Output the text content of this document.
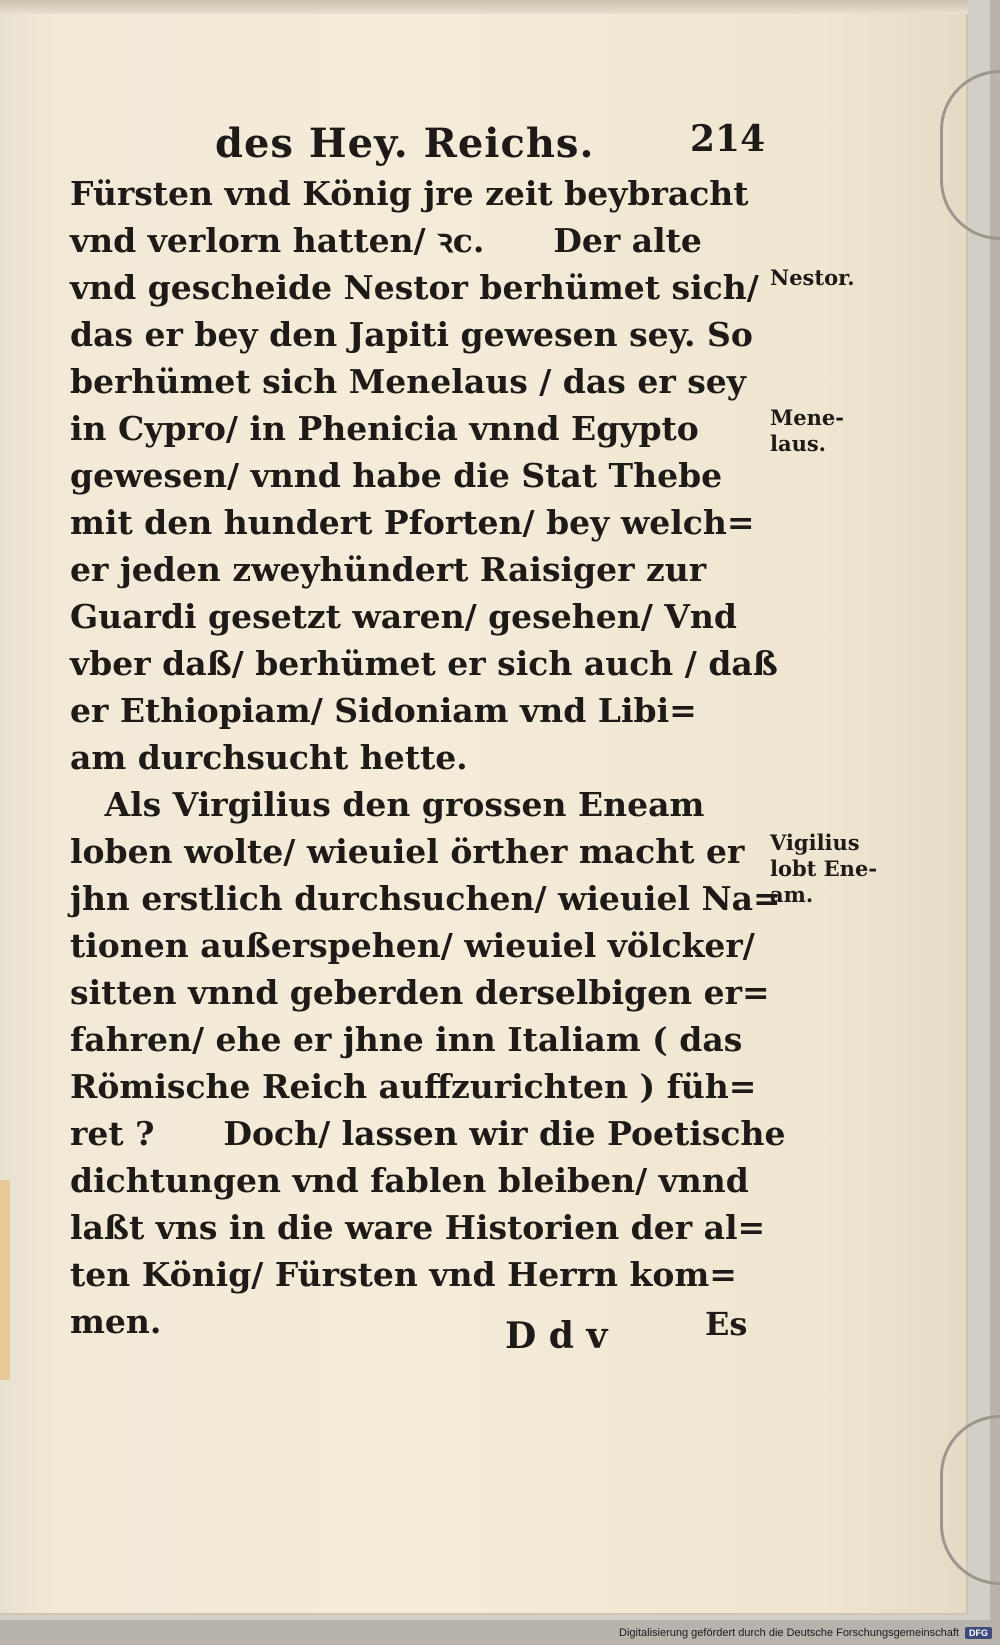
des Hey. Reichs.	214
Fürsten vnd König jre zeit beybracht
vnd verlorn hatten/ ꝛc.      Der alte
vnd gescheide Nestor berhümet sich/
das er bey den Japiti gewesen sey. So
berhümet sich Menelaus / das er sey
in Cypro/ in Phenicia vnnd Egypto
gewesen/ vnnd habe die Stat Thebe
mit den hundert Pforten/ bey welch=
er jeden zweyhündert Raisiger zur
Guardi gesetzt waren/ gesehen/ Vnd
vber daß/ berhümet er sich auch / daß
er Ethiopiam/ Sidoniam vnd Libi=
am durchsucht hette.
Als Virgilius den grossen Eneam
loben wolte/ wieuiel örther macht er
jhn erstlich durchsuchen/ wieuiel Na=
tionen außerspehen/ wieuiel völcker/
sitten vnnd geberden derselbigen er=
fahren/ ehe er jhne inn Italiam ( das
Römische Reich auffzurichten ) füh=
ret ?      Doch/ lassen wir die Poetische
dichtungen vnd fablen bleiben/ vnnd
laßt vns in die ware Historien der al=
ten König/ Fürsten vnd Herrn kom=
men.
Nestor.
Mene-
laus.
Vigilius
lobt Ene-
am.
D d v	Es
Digitalisierung gefördert durch die Deutsche Forschungsgemeinschaft	DFG
